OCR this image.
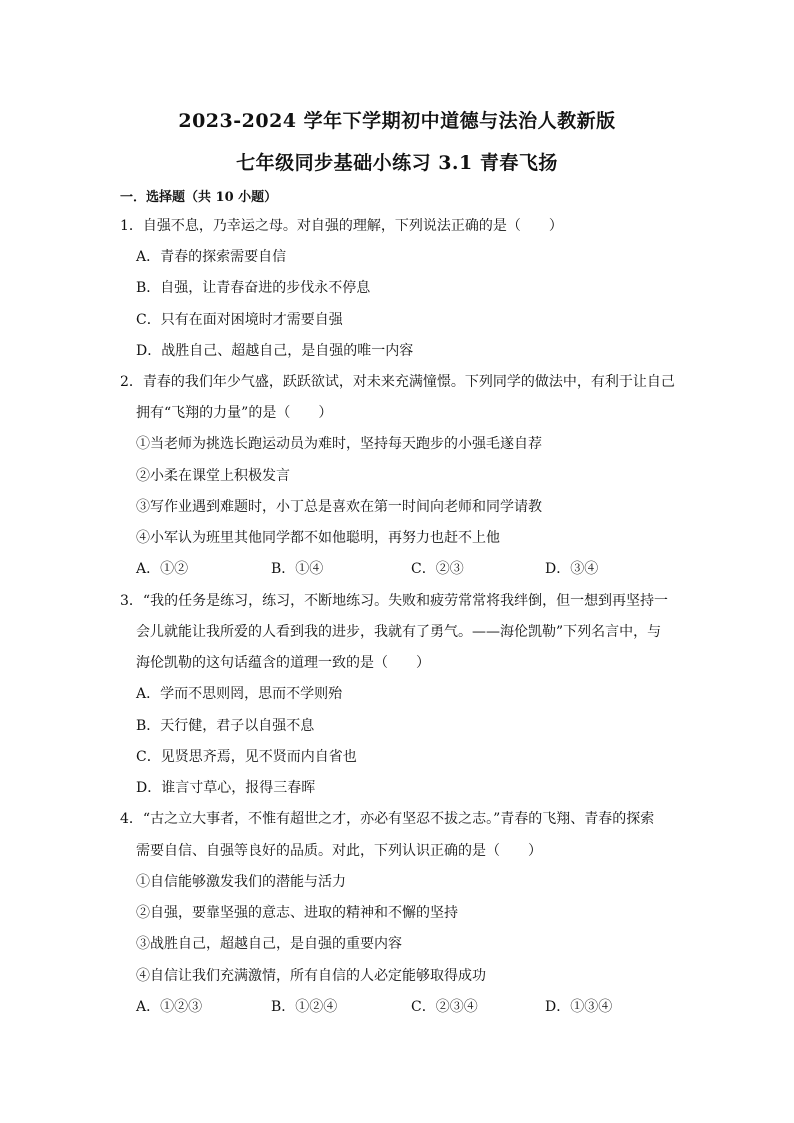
2023-2024 学年下学期初中道德与法治人教新版
七年级同步基础小练习 3.1 青春飞扬
一．选择题（共 10 小题）
1．自强不息，乃幸运之母。对自强的理解，下列说法正确的是（　　）
A．青春的探索需要自信
B．自强，让青春奋进的步伐永不停息
C．只有在面对困境时才需要自强
D．战胜自己、超越自己，是自强的唯一内容
2．青春的我们年少气盛，跃跃欲试，对未来充满憧憬。下列同学的做法中，有利于让自己
拥有“飞翔的力量”的是（　　）
①当老师为挑选长跑运动员为难时，坚持每天跑步的小强毛遂自荐
②小柔在课堂上积极发言
③写作业遇到难题时，小丁总是喜欢在第一时间向老师和同学请教
④小军认为班里其他同学都不如他聪明，再努力也赶不上他
A．①②	B．①④	C．②③	D．③④
3．“我的任务是练习，练习，不断地练习。失败和疲劳常常将我绊倒，但一想到再坚持一
会儿就能让我所爱的人看到我的进步，我就有了勇气。——海伦凯勒”下列名言中，与
海伦凯勒的这句话蕴含的道理一致的是（　　）
A．学而不思则罔，思而不学则殆
B．天行健，君子以自强不息
C．见贤思齐焉，见不贤而内自省也
D．谁言寸草心，报得三春晖
4．“古之立大事者，不惟有超世之才，亦必有坚忍不拔之志。”青春的飞翔、青春的探索
需要自信、自强等良好的品质。对此，下列认识正确的是（　　）
①自信能够激发我们的潜能与活力
②自强，要靠坚强的意志、进取的精神和不懈的坚持
③战胜自己，超越自己，是自强的重要内容
④自信让我们充满激情，所有自信的人必定能够取得成功
A．①②③	B．①②④	C．②③④	D．①③④
